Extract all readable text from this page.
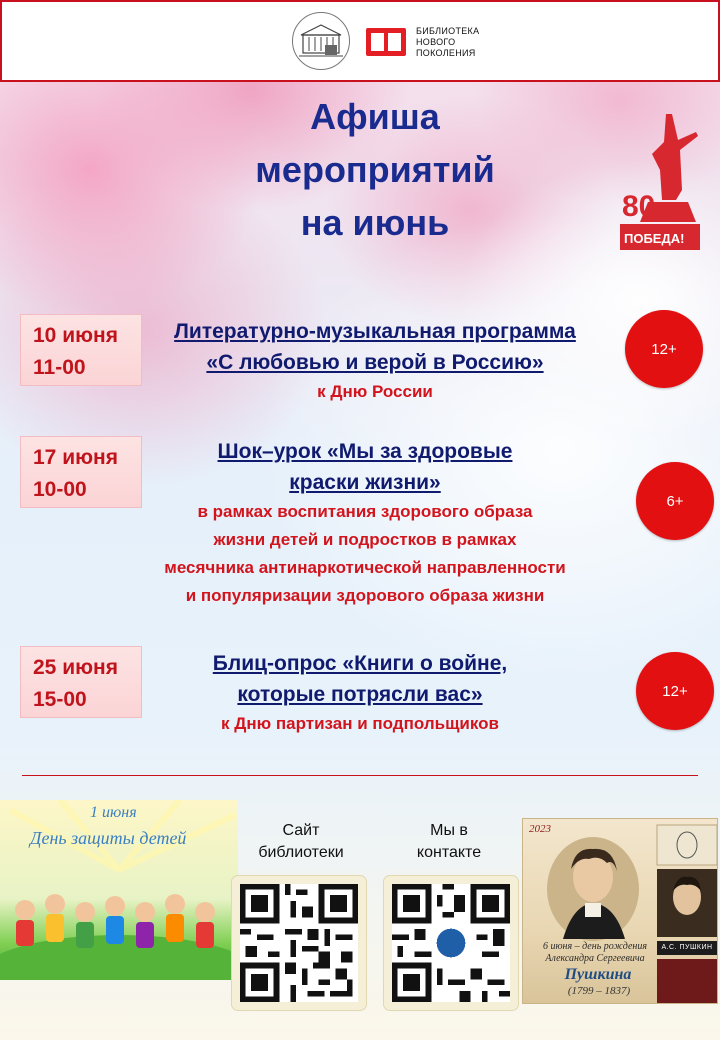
БИБЛИОТЕКА
НОВОГО
ПОКОЛЕНИЯ
Афиша
мероприятий
на июнь	80
ПОБЕДА!
10 июня
11-00
Литературно-музыкальная программа
«С любовью и верой в Россию»
к Дню России
12+
17 июня
10-00
Шок–урок «Мы за здоровые
краски жизни»
в рамках воспитания здорового образа
жизни детей и подростков в рамках
месячника антинаркотической направленности
и популяризации здорового образа жизни
6+
25 июня
15-00
Блиц-опрос «Книги о войне,
которые потрясли вас»
к Дню партизан и подпольщиков
12+
1 июня
День защиты детей	Сайт
библиотеки
Мы в
контакте
2023
А.С. ПУШКИН
6 июня – день рождения
Александра Сергеевича
Пушкина
(1799 – 1837)
